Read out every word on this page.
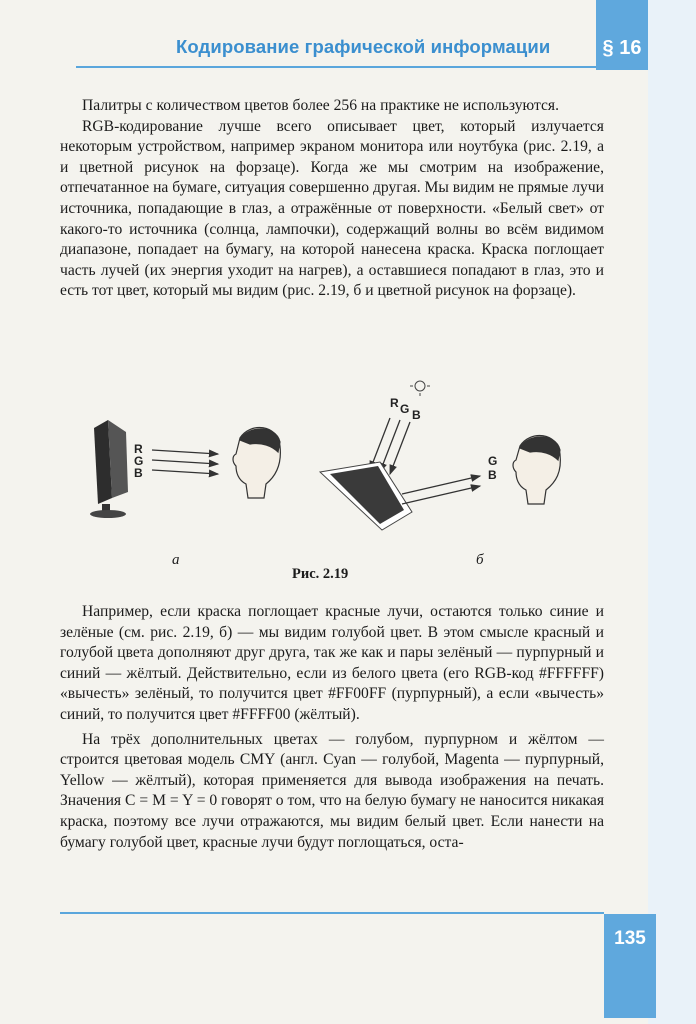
Кодирование графической информации	§ 16

Палитры с количеством цветов более 256 на практике не используются.

RGB-кодирование лучше всего описывает цвет, который излучается некоторым устройством, например экраном монитора или ноутбука (рис. 2.19, а и цветной рисунок на форзаце). Когда же мы смотрим на изображение, отпечатанное на бумаге, ситуация совершенно другая. Мы видим не прямые лучи источника, попадающие в глаз, а отражённые от поверхности. «Белый свет» от какого-то источника (солнца, лампочки), содержащий волны во всём видимом диапазоне, попадает на бумагу, на которой нанесена краска. Краска поглощает часть лучей (их энергия уходит на нагрев), а оставшиеся попадают в глаз, это и есть тот цвет, который мы видим (рис. 2.19, б и цветной рисунок на форзаце).

R
G
B
R G B
G
B
а	б
Рис. 2.19

Например, если краска поглощает красные лучи, остаются только синие и зелёные (см. рис. 2.19, б) — мы видим голубой цвет. В этом смысле красный и голубой цвета дополняют друг друга, так же как и пары зелёный — пурпурный и синий — жёлтый. Действительно, если из белого цвета (его RGB-код #FFFFFF) «вычесть» зелёный, то получится цвет #FF00FF (пурпурный), а если «вычесть» синий, то получится цвет #FFFF00 (жёлтый).

На трёх дополнительных цветах — голубом, пурпурном и жёлтом — строится цветовая модель CMY (англ. Cyan — голубой, Magenta — пурпурный, Yellow — жёлтый), которая применяется для вывода изображения на печать. Значения C = M = Y = 0 говорят о том, что на белую бумагу не наносится никакая краска, поэтому все лучи отражаются, мы видим белый цвет. Если нанести на бумагу голубой цвет, красные лучи будут поглощаться, оста-

135
